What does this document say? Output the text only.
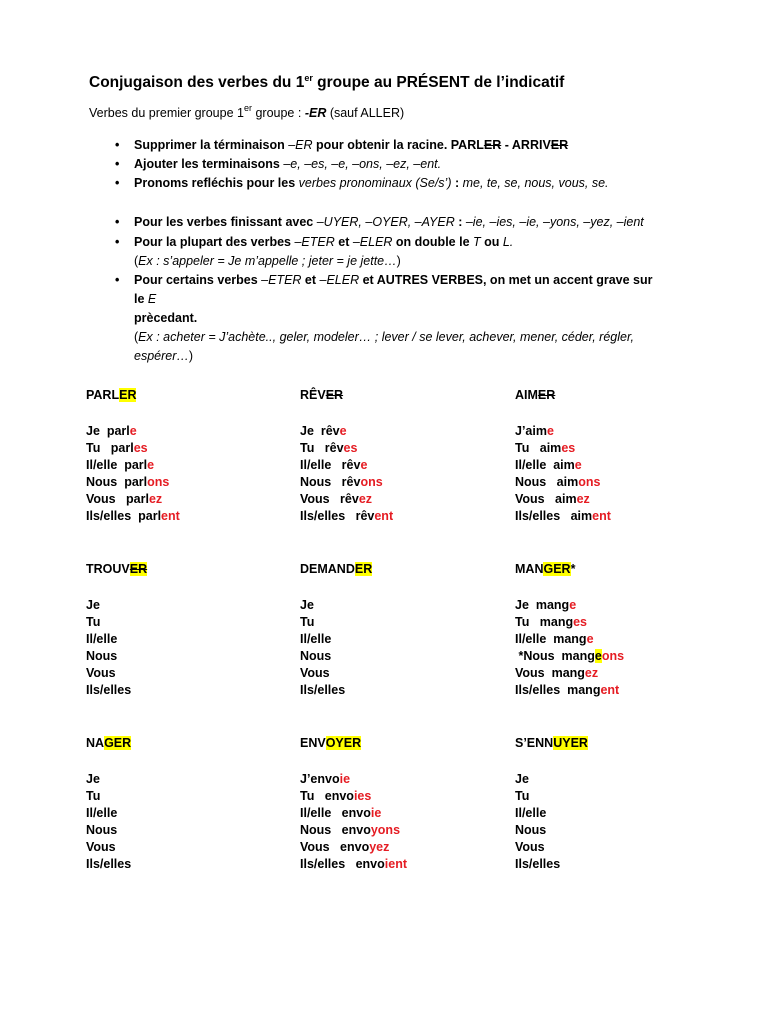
Conjugaison des verbes du 1er groupe au PRÉSENT de l’indicatif
Verbes du premier groupe 1er groupe : -ER (sauf ALLER)
• Supprimer la términaison –ER pour obtenir la racine. PARLER - ARRIVER
• Ajouter les terminaisons –e, –es, –e, –ons, –ez, –ent.
• Pronoms refléchis pour les verbes pronominaux (Se/s’) : me, te, se, nous, vous, se.
• Pour les verbes finissant avec –UYER, –OYER, –AYER : –ie, –ies, –ie, –yons, –yez, –ient
• Pour la plupart des verbes –ETER et –ELER on double le T ou L.
(Ex : s’appeler = Je m’appelle ; jeter = je jette…)
• Pour certains verbes –ETER et –ELER et AUTRES VERBES, on met un accent grave sur le E
prècedant.
(Ex : acheter = J’achète.., geler, modeler… ; lever / se lever, achever, mener, céder, régler, espérer…)
PARLER
Je  parle
Tu   parles
Il/elle  parle
Nous  parlons
Vous   parlez
Ils/elles  parlent
RÊVER
Je  rêve
Tu   rêves
Il/elle   rêve
Nous   rêvons
Vous   rêvez
Ils/elles   rêvent
AIMER
J’aime
Tu   aimes
Il/elle  aime
Nous   aimons
Vous   aimez
Ils/elles   aiment
TROUVER
Je
Tu
Il/elle
Nous
Vous
Ils/elles
DEMANDER
Je
Tu
Il/elle
Nous
Vous
Ils/elles
MANGER*
Je  mange
Tu   manges
Il/elle  mange
*Nous  mangeons
Vous  mangez
Ils/elles  mangent
NAGER
Je
Tu
Il/elle
Nous
Vous
Ils/elles
ENVOYER
J’envoie
Tu   envoies
Il/elle   envoie
Nous   envoyons
Vous   envoyez
Ils/elles   envoient
S’ENNUYER
Je
Tu
Il/elle
Nous
Vous
Ils/elles
